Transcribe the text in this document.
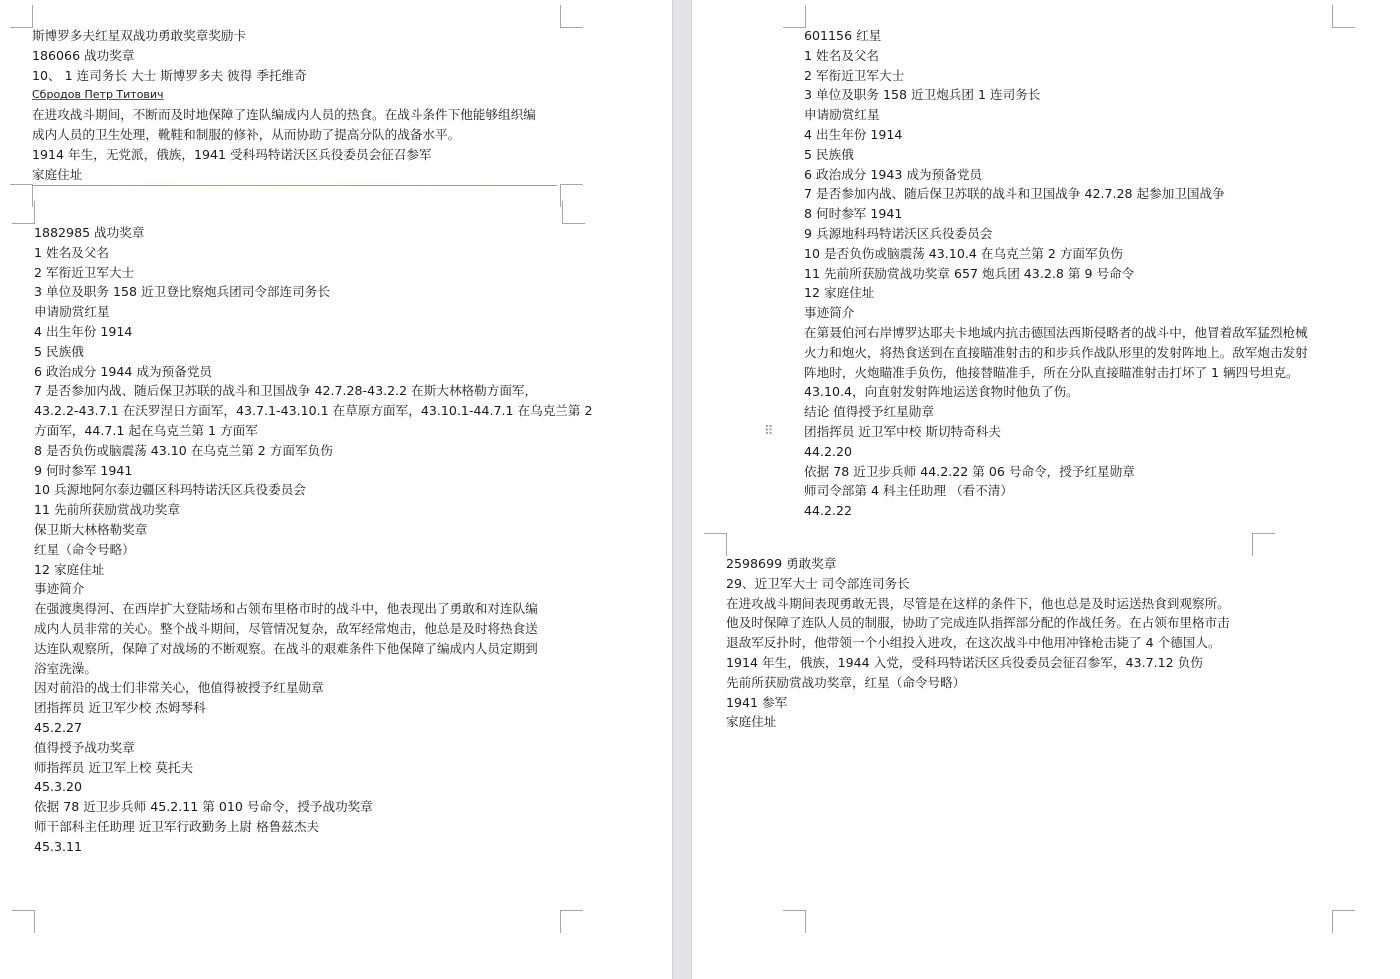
斯博罗多夫红星双战功勇敢奖章奖励卡
186066 战功奖章
10、 1 连司务长 大士 斯博罗多夫 彼得 季托维奇
Сбродов Петр Титович
在进攻战斗期间，不断而及时地保障了连队编成内人员的热食。在战斗条件下他能够组织编
成内人员的卫生处理，靴鞋和制服的修补，从而协助了提高分队的战备水平。
1914 年生，无党派，俄族，1941 受科玛特诺沃区兵役委员会征召参军
家庭住址
1882985 战功奖章
1 姓名及父名
2 军衔近卫军大士
3 单位及职务 158 近卫登比察炮兵团司令部连司务长
申请励赏红星
4 出生年份 1914
5 民族俄
6 政治成分 1944 成为预备党员
7 是否参加内战、随后保卫苏联的战斗和卫国战争 42.7.28-43.2.2 在斯大林格勒方面军，
43.2.2-43.7.1 在沃罗涅日方面军，43.7.1-43.10.1 在草原方面军，43.10.1-44.7.1 在乌克兰第 2
方面军，44.7.1 起在乌克兰第 1 方面军
8 是否负伤或脑震荡 43.10 在乌克兰第 2 方面军负伤
9 何时参军 1941
10 兵源地阿尔泰边疆区科玛特诺沃区兵役委员会
11 先前所获励赏战功奖章
保卫斯大林格勒奖章
红星（命令号略）
12 家庭住址
事迹简介
在强渡奥得河、在西岸扩大登陆场和占领布里格市时的战斗中，他表现出了勇敢和对连队编
成内人员非常的关心。整个战斗期间，尽管情况复杂，敌军经常炮击，他总是及时将热食送
达连队观察所，保障了对战场的不断观察。在战斗的艰难条件下他保障了编成内人员定期到
浴室洗澡。
因对前沿的战士们非常关心，他值得被授予红星勋章
团指挥员 近卫军少校 杰姆琴科
45.2.27
值得授予战功奖章
师指挥员 近卫军上校 莫托夫
45.3.20
依据 78 近卫步兵师 45.2.11 第 010 号命令，授予战功奖章
师干部科主任助理 近卫军行政勤务上尉 格鲁兹杰夫
45.3.11
601156 红星
1 姓名及父名
2 军衔近卫军大士
3 单位及职务 158 近卫炮兵团 1 连司务长
申请励赏红星
4 出生年份 1914
5 民族俄
6 政治成分 1943 成为预备党员
7 是否参加内战、随后保卫苏联的战斗和卫国战争 42.7.28 起参加卫国战争
8 何时参军 1941
9 兵源地科玛特诺沃区兵役委员会
10 是否负伤或脑震荡 43.10.4 在乌克兰第 2 方面军负伤
11 先前所获励赏战功奖章 657 炮兵团 43.2.8 第 9 号命令
12 家庭住址
事迹简介
在第聂伯河右岸博罗达耶夫卡地域内抗击德国法西斯侵略者的战斗中，他冒着敌军猛烈枪械
火力和炮火，将热食送到在直接瞄准射击的和步兵作战队形里的发射阵地上。敌军炮击发射
阵地时，火炮瞄准手负伤，他接替瞄准手，所在分队直接瞄准射击打坏了 1 辆四号坦克。
43.10.4，向直射发射阵地运送食物时他负了伤。
结论 值得授予红星勋章
团指挥员 近卫军中校 斯切特奇科夫
44.2.20
依据 78 近卫步兵师 44.2.22 第 06 号命令，授予红星勋章
师司令部第 4 科主任助理 （看不清）
44.2.22
⠿
2598699 勇敢奖章
29、近卫军大士 司令部连司务长
在进攻战斗期间表现勇敢无畏，尽管是在这样的条件下，他也总是及时运送热食到观察所。
他及时保障了连队人员的制服，协助了完成连队指挥部分配的作战任务。在占领布里格市击
退敌军反扑时，他带领一个小组投入进攻，在这次战斗中他用冲锋枪击毙了 4 个德国人。
1914 年生，俄族，1944 入党，受科玛特诺沃区兵役委员会征召参军，43.7.12 负伤
先前所获励赏战功奖章，红星（命令号略）
1941 参军
家庭住址
